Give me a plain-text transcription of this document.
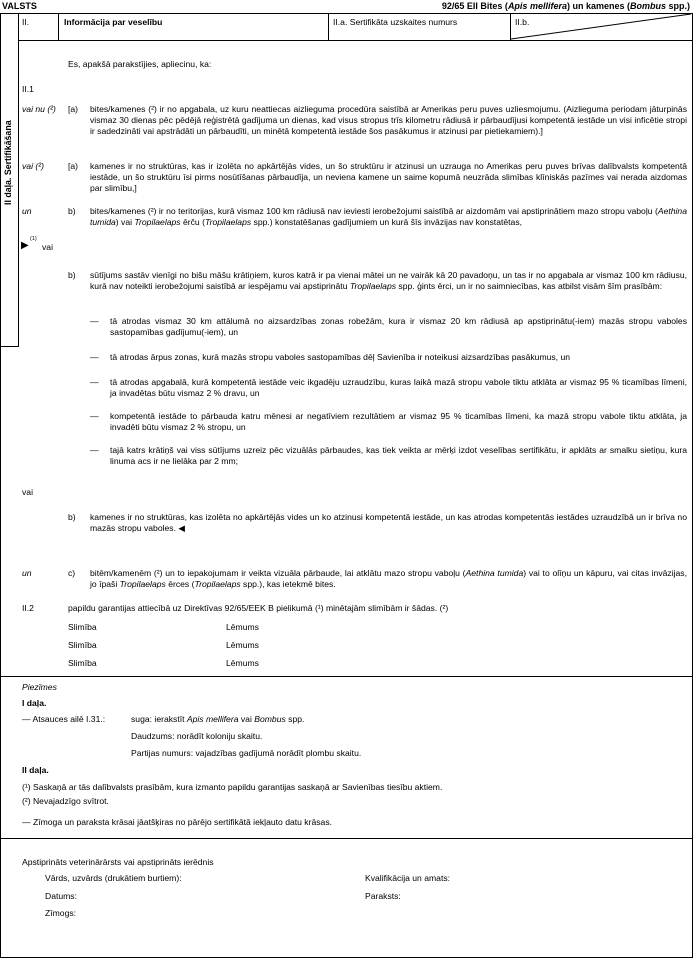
VALSTS	92/65 EII Bites (Apis mellifera) un kamenes (Bombus spp.)
II.	Informācija par veselību	II.a. Sertifikāta uzskaites numurs	II.b.
II daļa. Sertifikāšana
Es, apakšā parakstījies, apliecinu, ka:
II.1
vai nu (²) [a) bites/kamenes (²) ir no apgabala, uz kuru neattiecas aizlieguma procedūra saistībā ar Amerikas peru puves uzliesmojumu. (Aizlieguma periodam jāturpinās vismaz 30 dienas pēc pēdējā reģistrētā gadījuma un dienas, kad visus stropus trīs kilometru rādiusā ir pārbaudījusi kompetentā iestāde un visi inficētie stropi ir sadedzināti vai apstrādāti un pārbaudīti, un minētā kompetentā iestāde šos pasākumus ir atzinusi par pietiekamiem).]
vai (²)	[a) kamenes ir no struktūras, kas ir izolēta no apkārtējās vides, un šo struktūru ir atzinusi un uzrauga no Amerikas peru puves brīvas dalībvalsts kompetentā iestāde, un šo struktūru īsi pirms nosūtīšanas pārbaudīja, un neviena kamene un saime kopumā neuzrāda slimības klīniskās pazīmes vai nerada aizdomas par slimību,]
un	b) bites/kamenes (²) ir no teritorijas, kurā vismaz 100 km rādiusā nav ieviesti ierobežojumi saistībā ar aizdomām vai apstiprinātiem mazo stropu vaboļu (Aethina tumida) vai Tropilaelaps ērču (Tropilaelaps spp.) konstatēšanas gadījumiem un kurā šīs invāzijas nav konstatētas,
▶
(1)
vai
b) sūtījums sastāv vienīgi no bišu māšu krātiņiem, kuros katrā ir pa vienai mātei un ne vairāk kā 20 pavadoņu, un tas ir no apgabala ar vismaz 100 km rādiusu, kurā nav noteikti ierobežojumi saistībā ar iespējamu vai apstiprinātu Tropilaelaps spp. ģints ērci, un ir no saimniecības, kas atbilst visām šīm prasībām:
— tā atrodas vismaz 30 km attālumā no aizsardzības zonas robežām, kura ir vismaz 20 km rādiusā ap apstiprinātu(-iem) mazās stropu vaboles sastopamības gadījumu(-iem), un
— tā atrodas ārpus zonas, kurā mazās stropu vaboles sastopamības dēļ Savienība ir noteikusi aizsardzības pasākumus, un
— tā atrodas apgabalā, kurā kompetentā iestāde veic ikgadēju uzraudzību, kuras laikā mazā stropu vabole tiktu atklāta ar vismaz 95 % ticamības līmeni, ja invadētas būtu vismaz 2 % dravu, un
— kompetentā iestāde to pārbauda katru mēnesi ar negatīviem rezultātiem ar vismaz 95 % ticamības līmeni, ka mazā stropu vabole tiktu atklāta, ja invadēti būtu vismaz 2 % stropu, un
— tajā katrs krātiņš vai viss sūtījums uzreiz pēc vizuālās pārbaudes, kas tiek veikta ar mērķi izdot veselības sertifikātu, ir apklāts ar smalku sietiņu, kura linuma acs ir ne lielāka par 2 mm;
vai
b) kamenes ir no struktūras, kas izolēta no apkārtējās vides un ko atzinusi kompetentā iestāde, un kas atrodas kompetentās iestādes uzraudzībā un ir brīva no mazās stropu vaboles. ◀
un	c) bitēm/kamenēm (²) un to iepakojumam ir veikta vizuāla pārbaude, lai atklātu mazo stropu vaboļu (Aethina tumida) vai to olīņu un kāpuru, vai citas invāzijas, jo īpaši Tropilaelaps ērces (Tropilaelaps spp.), kas ietekmē bites.
II.2	papildu garantijas attiecībā uz Direktīvas 92/65/EEK B pielikumā (¹) minētajām slimībām ir šādas. (²)
Slimība	Lēmums
Slimība	Lēmums
Slimība	Lēmums
Piezīmes
I daļa.
— Atsauces ailē I.31.:	suga: ierakstīt Apis mellifera vai Bombus spp.
Daudzums: norādīt koloniju skaitu.
Partijas numurs: vajadzības gadījumā norādīt plombu skaitu.
II daļa.
(¹) Saskaņā ar tās dalībvalsts prasībām, kura izmanto papildu garantijas saskaņā ar Savienības tiesību aktiem.
(²) Nevajadzīgo svītrot.
— Zīmoga un paraksta krāsai jāatšķiras no pārējo sertifikātā iekļauto datu krāsas.
Apstiprināts veterinārārsts vai apstiprināts ierēdnis
Vārds, uzvārds (drukātiem burtiem):	Kvalifikācija un amats:
Datums:	Paraksts:
Zīmogs:
